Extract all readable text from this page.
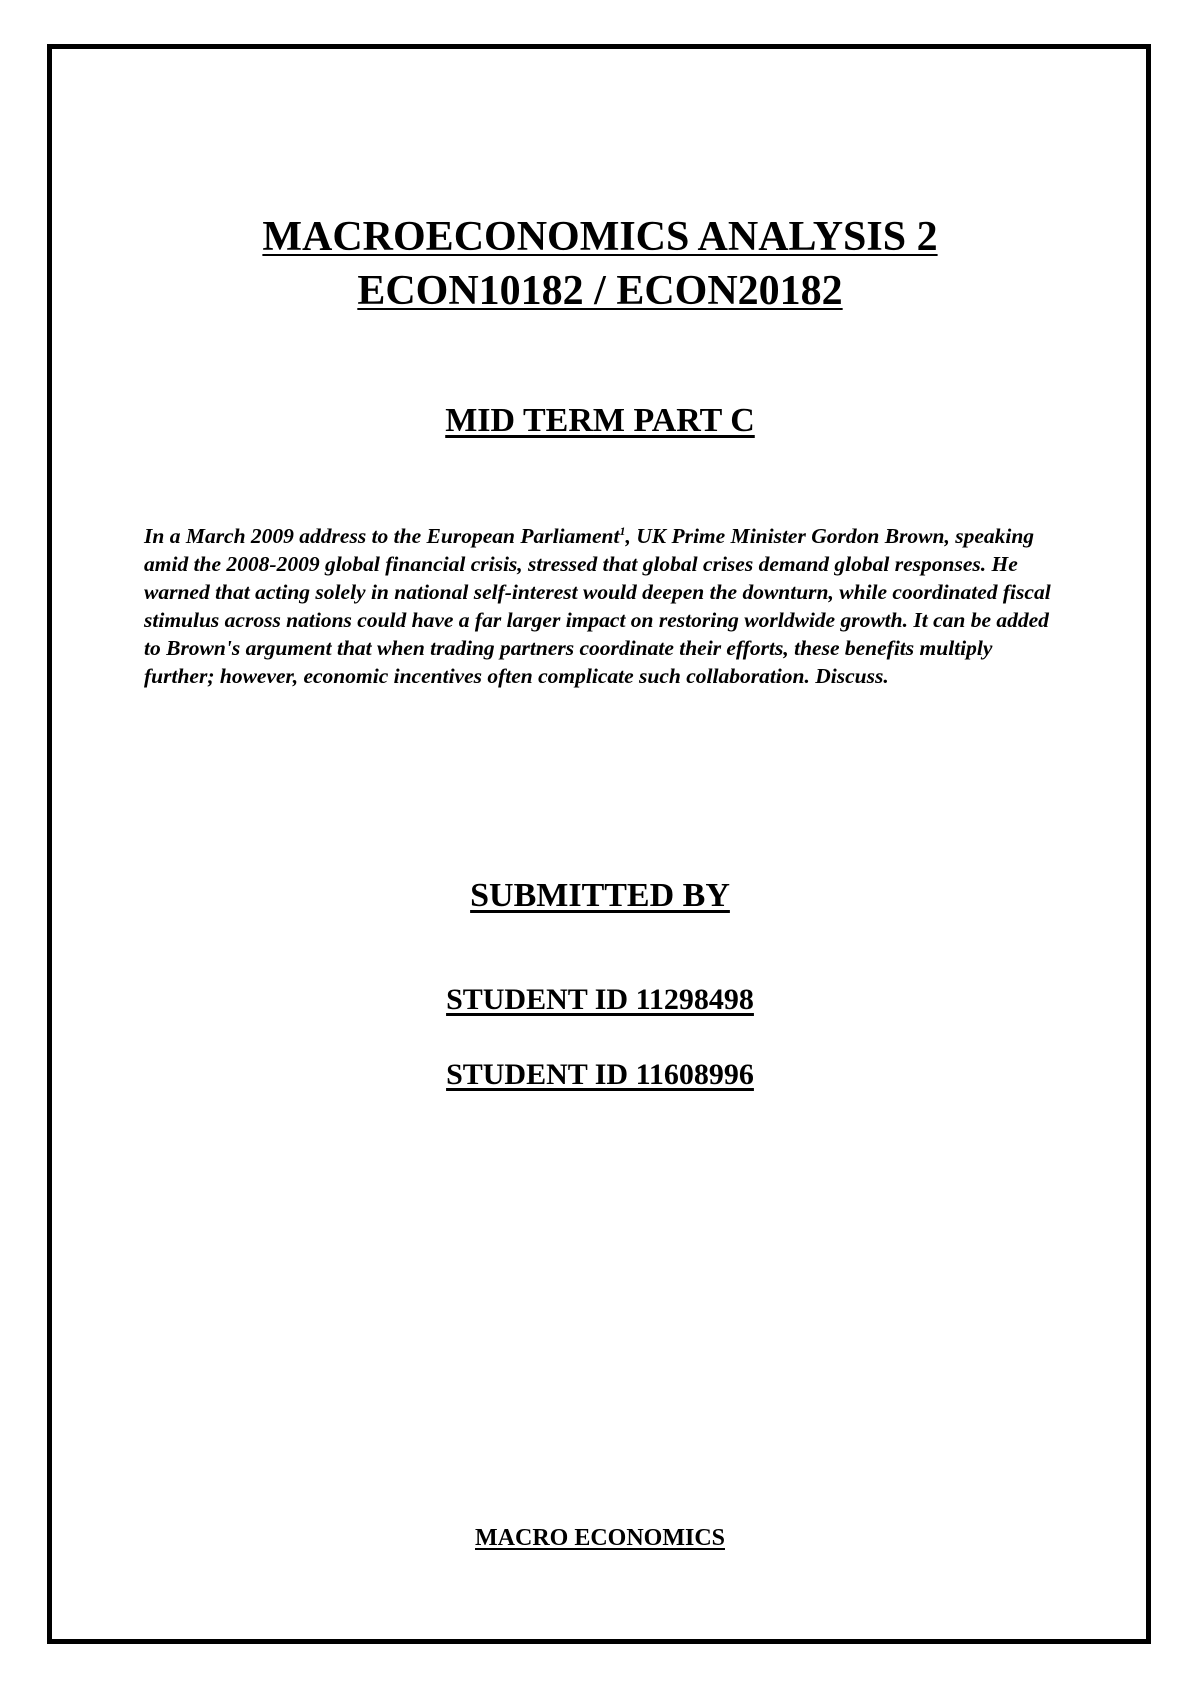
MACROECONOMICS ANALYSIS 2
ECON10182 / ECON20182
MID TERM PART C

In a March 2009 address to the European Parliament$^1$, UK Prime Minister Gordon Brown, speaking amid the 2008-2009 global financial crisis, stressed that global crises demand global responses. He warned that acting solely in national self-interest would deepen the downturn, while coordinated fiscal stimulus across nations could have a far larger impact on restoring worldwide growth. It can be added to Brown's argument that when trading partners coordinate their efforts, these benefits multiply further; however, economic incentives often complicate such collaboration. Discuss.

SUBMITTED BY
STUDENT ID 11298498
STUDENT ID 11608996
MACRO ECONOMICS
